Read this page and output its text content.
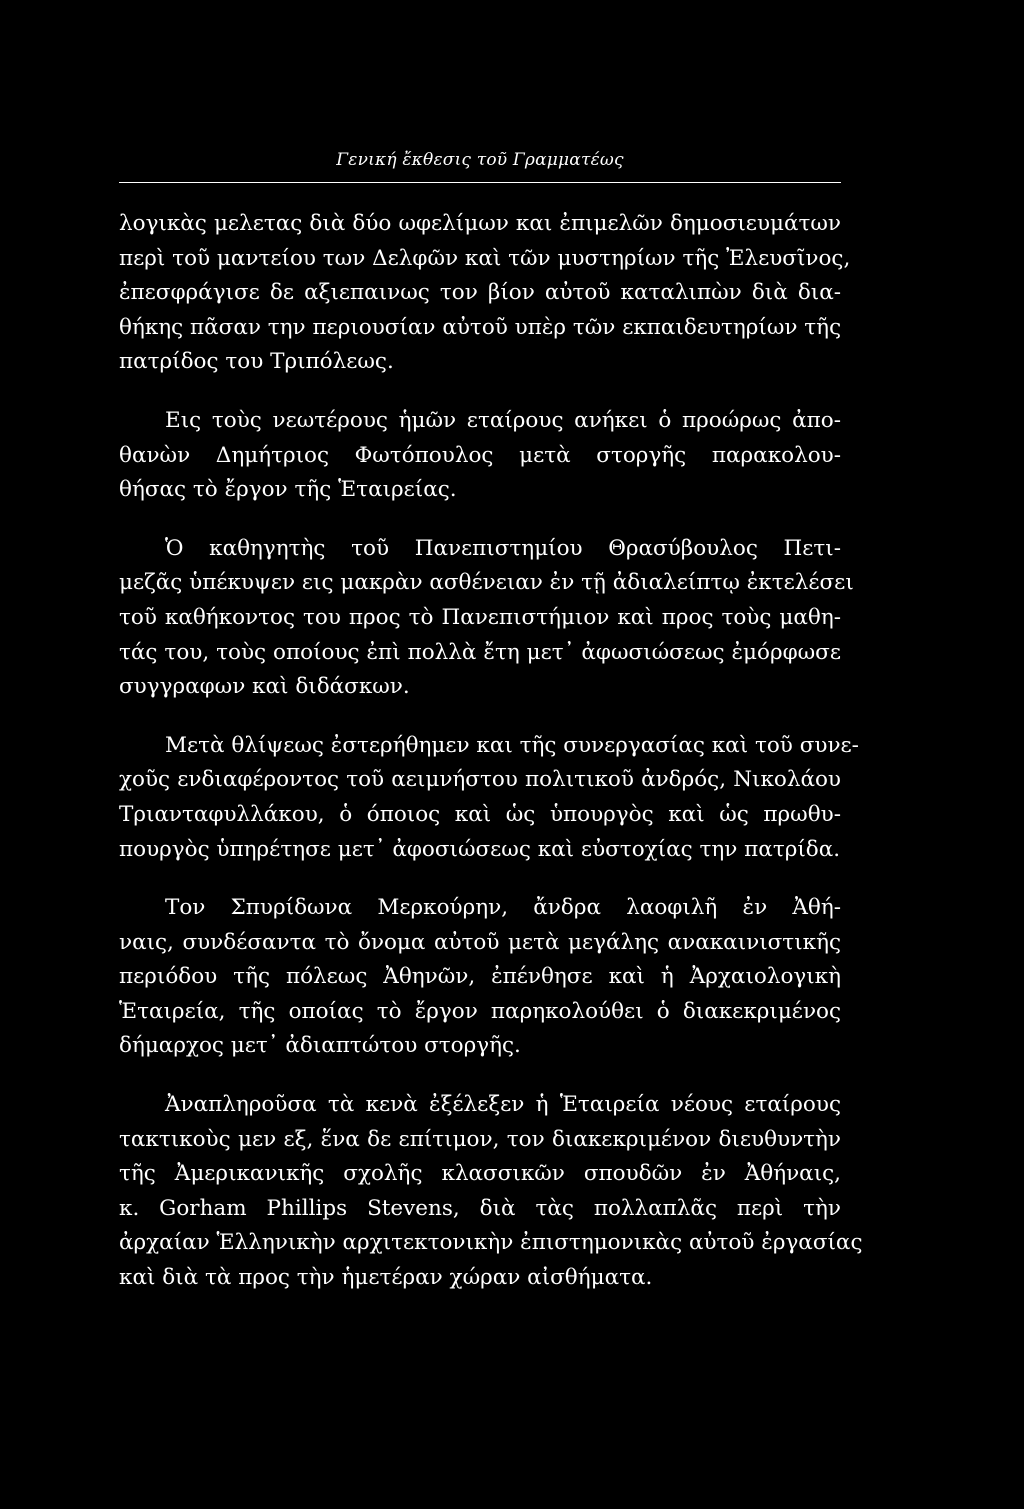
Γενική ἔκθεσις τοῦ Γραμματέως
λογικὰς μελετας διὰ δύο ωφελίμων και ἐπιμελῶν δημοσιευμάτων
περὶ τοῦ μαντείου των Δελφῶν καὶ τῶν μυστηρίων τῆς Ἐλευσῖνος,
ἐπεσφράγισε δε αξιεπαινως τον βίον αὐτοῦ καταλιπὼν διὰ δια-
θήκης πᾶσαν την περιουσίαν αὐτοῦ υπὲρ τῶν εκπαιδευτηρίων τῆς
πατρίδος του Τριπόλεως.
Εις τοὺς νεωτέρους ἡμῶν εταίρους ανήκει ὁ προώρως ἀπο-
θανὼν Δημήτριος Φωτόπουλος μετὰ στοργῆς παρακολου-
θήσας τὸ ἔργον τῆς Ἑταιρείας.
Ὁ καθηγητὴς τοῦ Πανεπιστημίου Θρασύβουλος Πετι-
μεζᾶς ὑπέκυψεν εις μακρὰν ασθένειαν ἐν τῇ ἀδιαλείπτῳ ἐκτελέσει
τοῦ καθήκοντος του προς τὸ Πανεπιστήμιον καὶ προς τοὺς μαθη-
τάς του, τοὺς οποίους ἐπὶ πολλὰ ἔτη μετ᾽ ἀφωσιώσεως ἐμόρφωσε
συγγραφων καὶ διδάσκων.
Μετὰ θλίψεως ἐστερήθημεν και τῆς συνεργασίας καὶ τοῦ συνε-
χοῦς ενδιαφέροντος τοῦ αειμνήστου πολιτικοῦ ἀνδρός, Νικολάου
Τριανταφυλλάκου, ὁ όποιος καὶ ὡς ὑπουργὸς καὶ ὡς πρωθυ-
πουργὸς ὑπηρέτησε μετ᾽ ἀφοσιώσεως καὶ εὐστοχίας την πατρίδα.
Τον Σπυρίδωνα Μερκούρην, ἄνδρα λαοφιλῆ ἐν Ἀθή-
ναις, συνδέσαντα τὸ ὄνομα αὐτοῦ μετὰ μεγάλης ανακαινιστικῆς
περιόδου τῆς πόλεως Ἀθηνῶν, ἐπένθησε καὶ ἡ Ἀρχαιολογικὴ
Ἑταιρεία, τῆς οποίας τὸ ἔργον παρηκολούθει ὁ διακεκριμένος
δήμαρχος μετ᾽ ἀδιαπτώτου στοργῆς.
Ἀναπληροῦσα τὰ κενὰ ἐξέλεξεν ἡ Ἑταιρεία νέους εταίρους
τακτικοὺς μεν εξ, ἕνα δε επίτιμον, τον διακεκριμένον διευθυντὴν
τῆς Ἀμερικανικῆς σχολῆς κλασσικῶν σπουδῶν ἐν Ἀθήναις,
κ. Gorham Phillips Stevens, διὰ τὰς πολλαπλᾶς περὶ τὴν
ἀρχαίαν Ἑλληνικὴν αρχιτεκτονικὴν ἐπιστημονικὰς αὐτοῦ ἐργασίας
καὶ διὰ τὰ προς τὴν ἡμετέραν χώραν αἰσθήματα.
